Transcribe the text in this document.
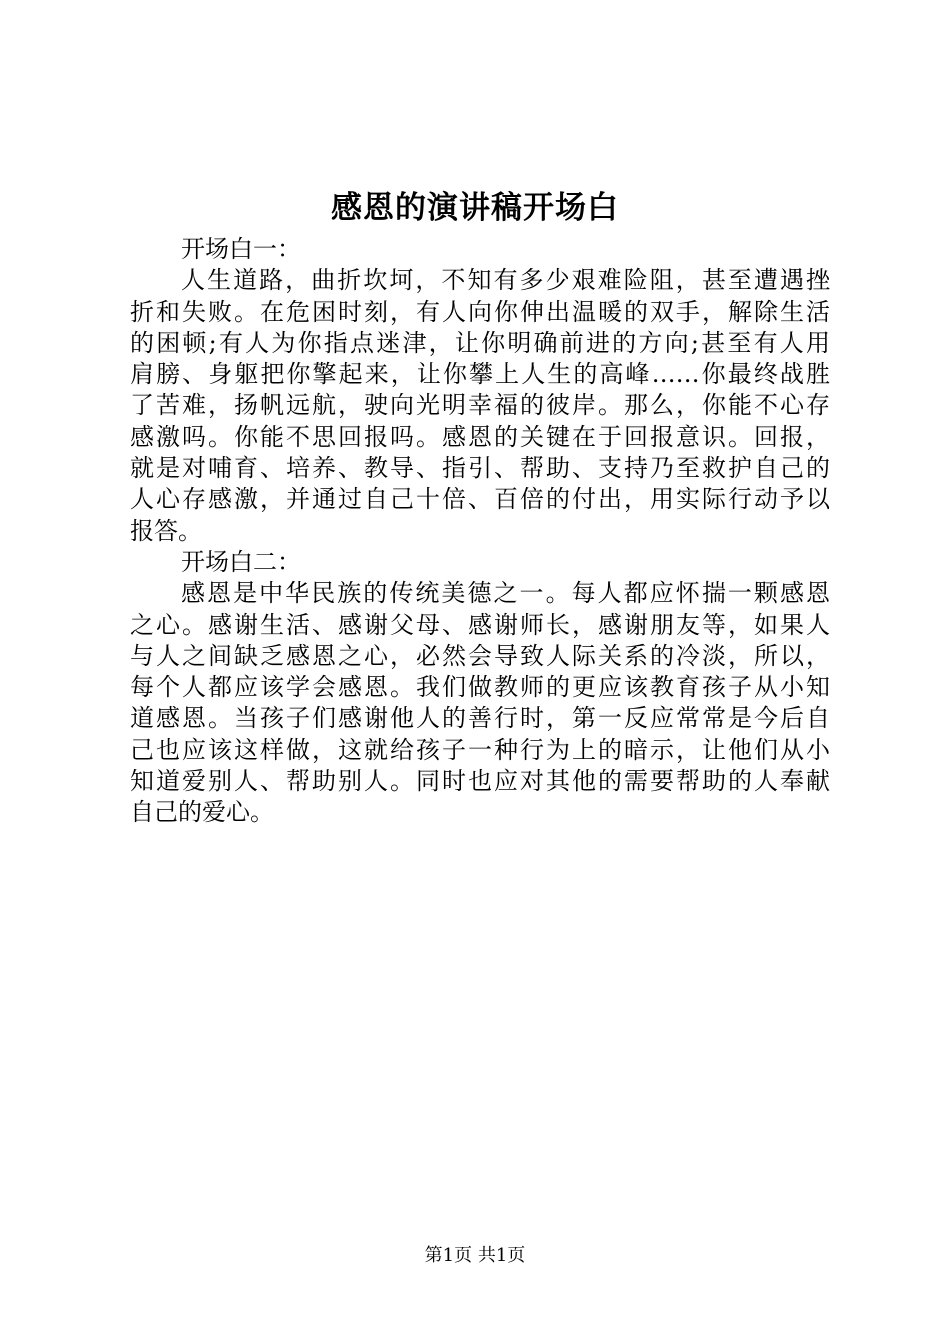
感恩的演讲稿开场白
开场白一：
人生道路，曲折坎坷，不知有多少艰难险阻，甚至遭遇挫
折和失败。在危困时刻，有人向你伸出温暖的双手，解除生活
的困顿;有人为你指点迷津，让你明确前进的方向;甚至有人用
肩膀、身躯把你擎起来，让你攀上人生的高峰……你最终战胜
了苦难，扬帆远航，驶向光明幸福的彼岸。那么，你能不心存
感激吗。你能不思回报吗。感恩的关键在于回报意识。回报，
就是对哺育、培养、教导、指引、帮助、支持乃至救护自己的
人心存感激，并通过自己十倍、百倍的付出，用实际行动予以
报答。
开场白二：
感恩是中华民族的传统美德之一。每人都应怀揣一颗感恩
之心。感谢生活、感谢父母、感谢师长，感谢朋友等，如果人
与人之间缺乏感恩之心，必然会导致人际关系的冷淡，所以，
每个人都应该学会感恩。我们做教师的更应该教育孩子从小知
道感恩。当孩子们感谢他人的善行时，第一反应常常是今后自
己也应该这样做，这就给孩子一种行为上的暗示，让他们从小
知道爱别人、帮助别人。同时也应对其他的需要帮助的人奉献
自己的爱心。
第1页 共1页
